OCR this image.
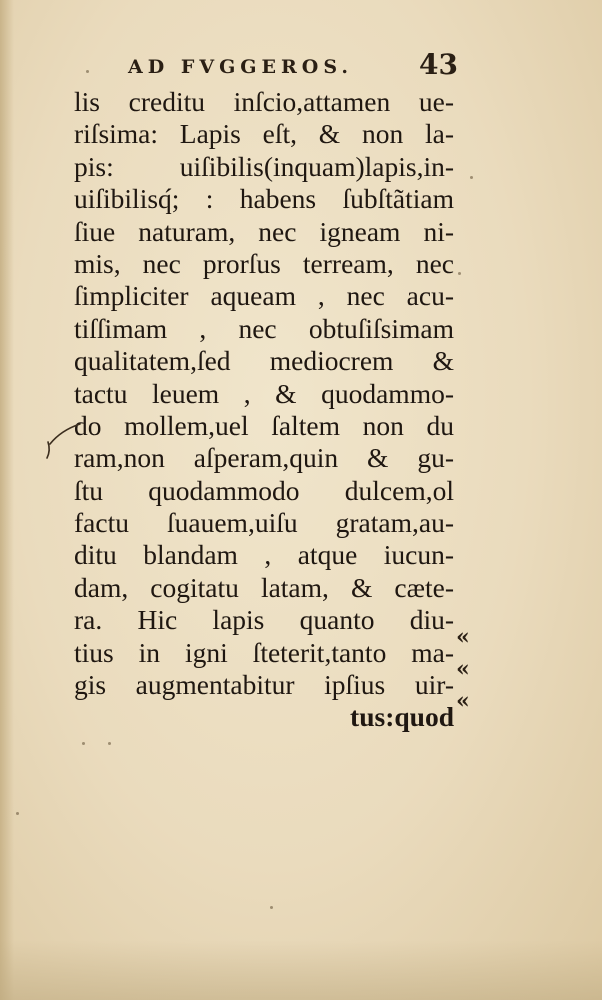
AD FVGGEROS. 43
lis creditu inſcio,attamen ue-
riſsima: Lapis eſt, & non la-
pis: uiſibilis(inquam)lapis,in-
uiſibilisq́; : habens ſubſtãtiam
ſiue naturam, nec igneam ni-
mis, nec prorſus terream, nec
ſimpliciter aqueam , nec acu-
tiſſimam , nec obtuſiſsimam
qualitatem,ſed mediocrem &
tactu leuem , & quodammo-
do mollem,uel ſaltem non du
ram,non aſperam,quin & gu-
ſtu quodammodo dulcem,ol
factu ſuauem,uiſu gratam,au-
ditu blandam , atque iucun-
dam, cogitatu latam, & cæte-
ra. Hic lapis quanto diu-
tius in igni ſteterit,tanto ma-
gis augmentabitur ipſius uir-
tus:quod
«
«
«
